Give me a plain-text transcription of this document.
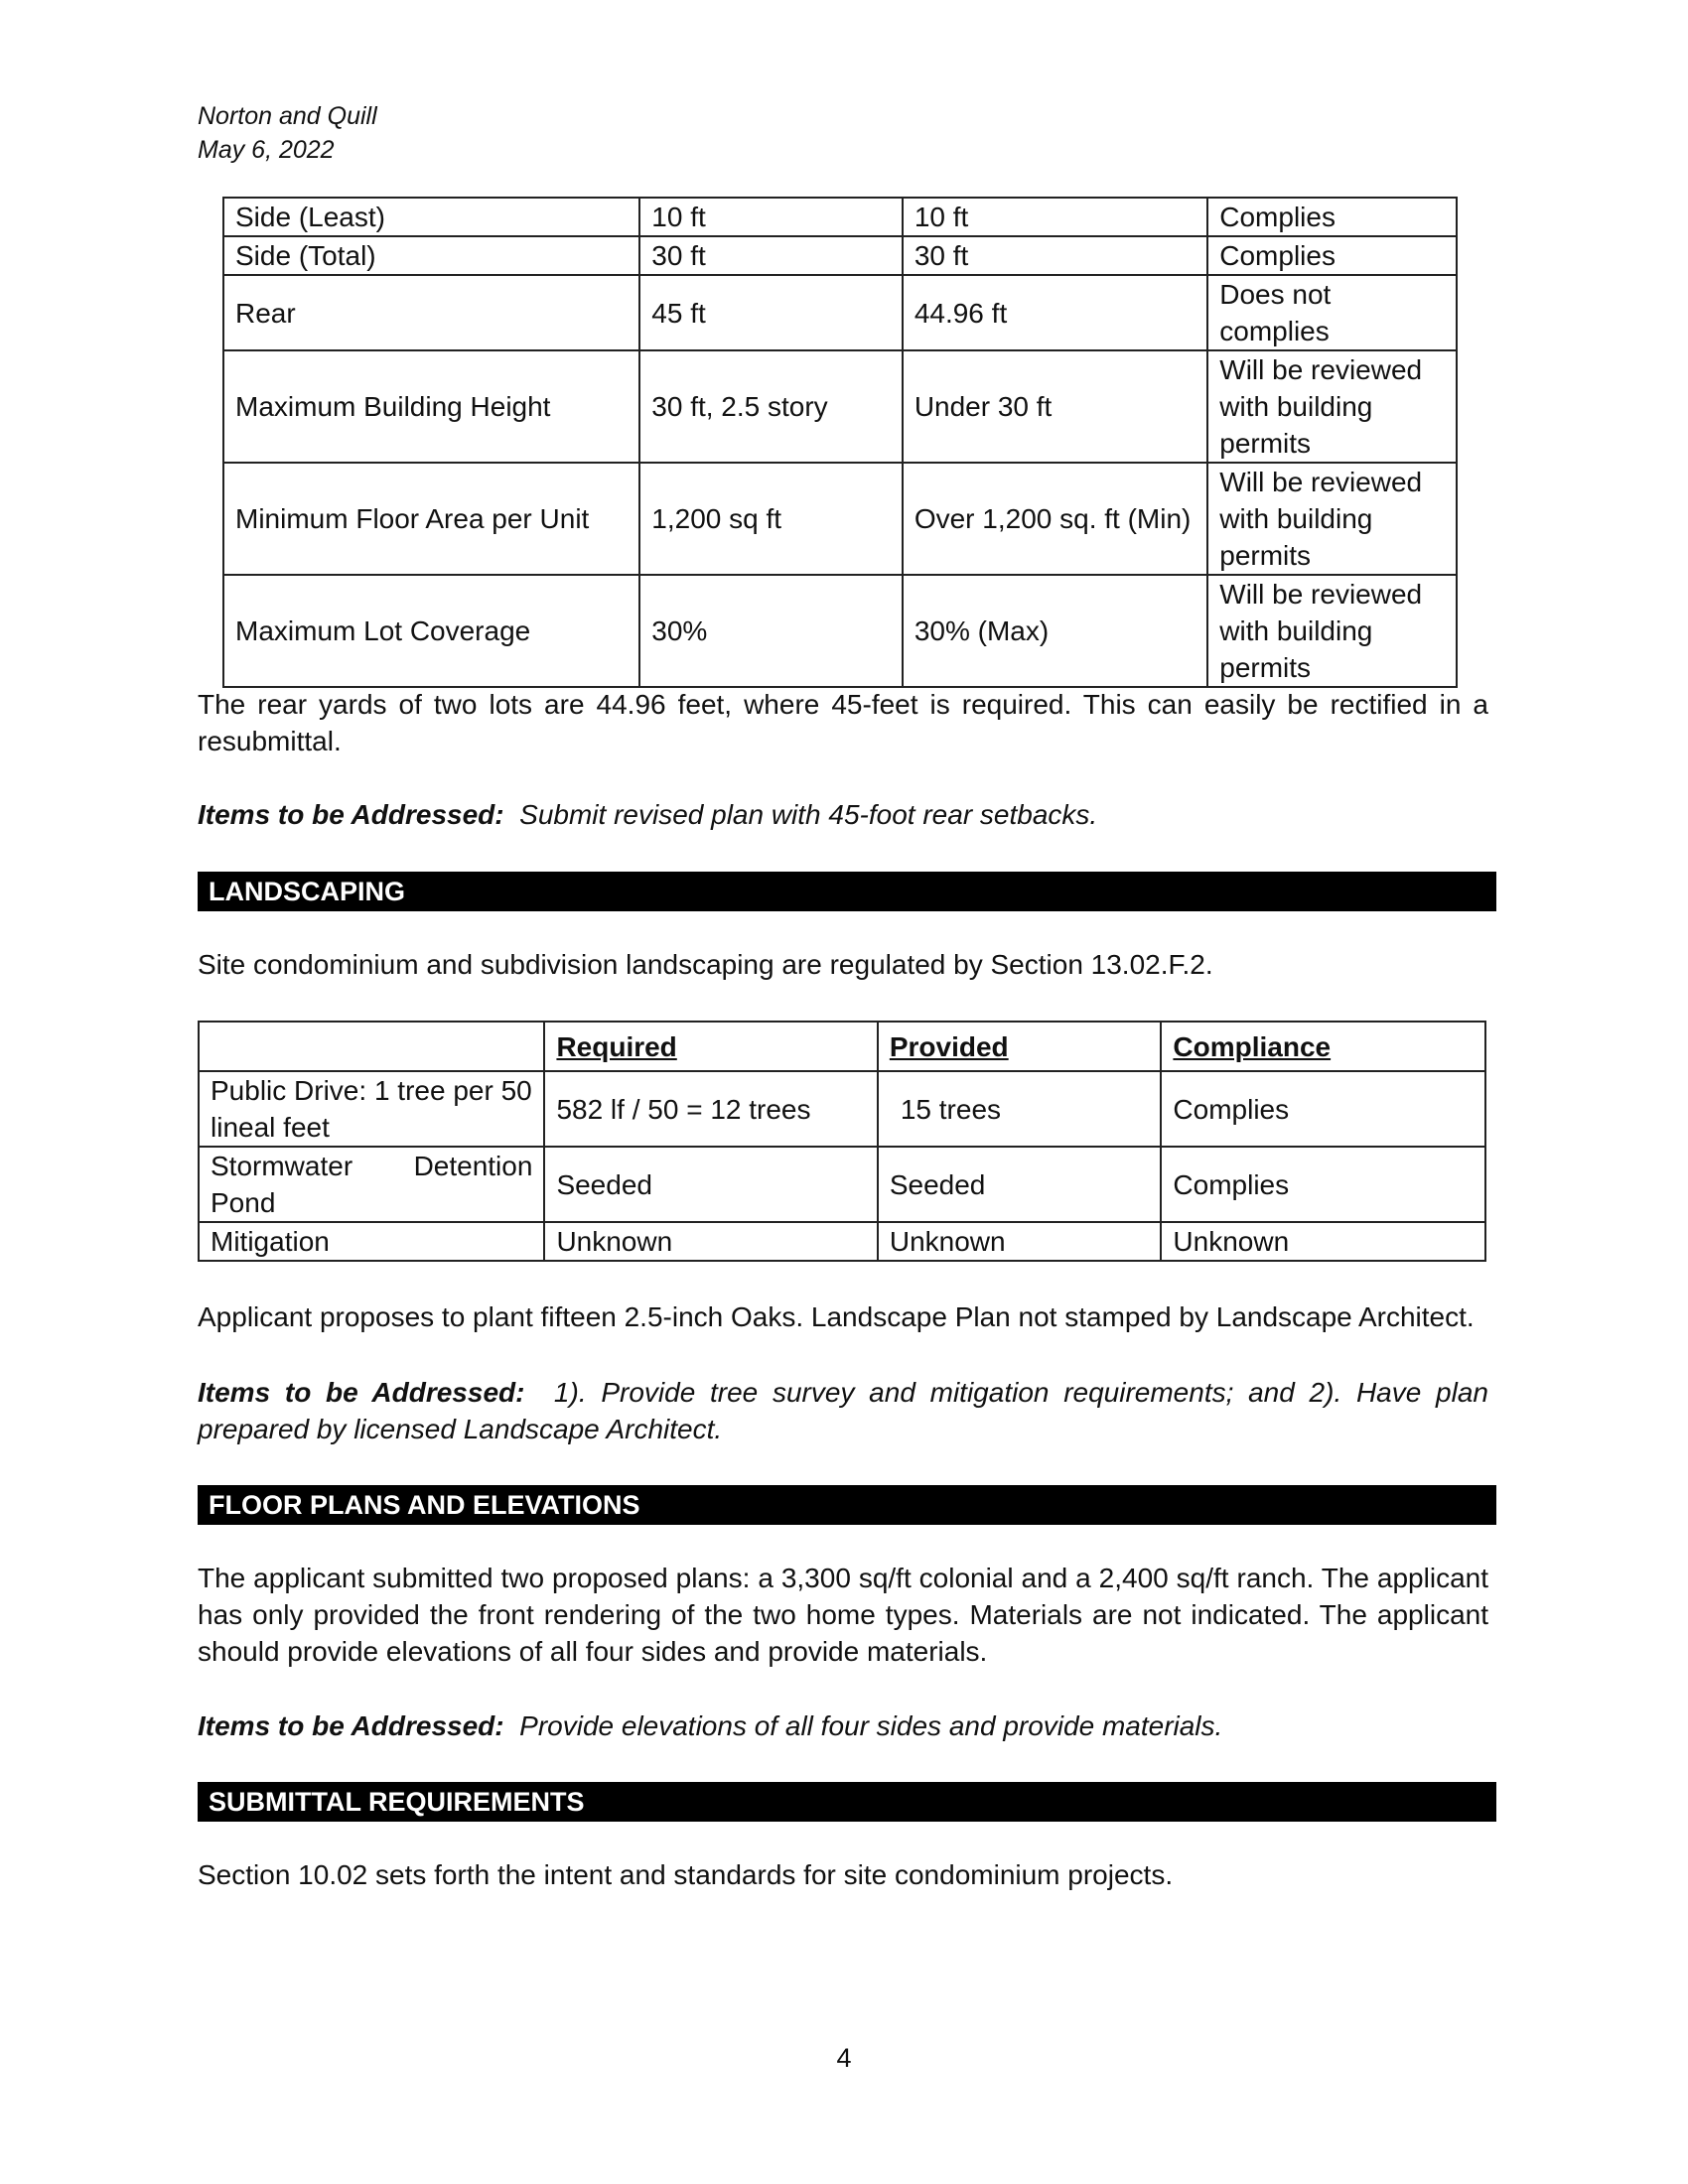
Norton and Quill
May 6, 2022
Side (Least)	10 ft	10 ft	Complies
Side (Total)	30 ft	30 ft	Complies
Rear	45 ft	44.96 ft	Does not complies
Maximum Building Height	30 ft, 2.5 story	Under 30 ft	Will be reviewed with building permits
Minimum Floor Area per Unit	1,200 sq ft	Over 1,200 sq. ft (Min)	Will be reviewed with building permits
Maximum Lot Coverage	30%	30% (Max)	Will be reviewed with building permits

The rear yards of two lots are 44.96 feet, where 45-feet is required. This can easily be rectified in a resubmittal.

Items to be Addressed: Submit revised plan with 45-foot rear setbacks.

LANDSCAPING

Site condominium and subdivision landscaping are regulated by Section 13.02.F.2.

	Required	Provided	Compliance
Public Drive: 1 tree per 50 lineal feet	582 lf / 50 = 12 trees	15 trees	Complies
Stormwater Detention Pond	Seeded	Seeded	Complies
Mitigation	Unknown	Unknown	Unknown

Applicant proposes to plant fifteen 2.5-inch Oaks. Landscape Plan not stamped by Landscape Architect.

Items to be Addressed: 1). Provide tree survey and mitigation requirements; and 2). Have plan prepared by licensed Landscape Architect.

FLOOR PLANS AND ELEVATIONS

The applicant submitted two proposed plans: a 3,300 sq/ft colonial and a 2,400 sq/ft ranch. The applicant has only provided the front rendering of the two home types. Materials are not indicated. The applicant should provide elevations of all four sides and provide materials.

Items to be Addressed: Provide elevations of all four sides and provide materials.

SUBMITTAL REQUIREMENTS

Section 10.02 sets forth the intent and standards for site condominium projects.

4
